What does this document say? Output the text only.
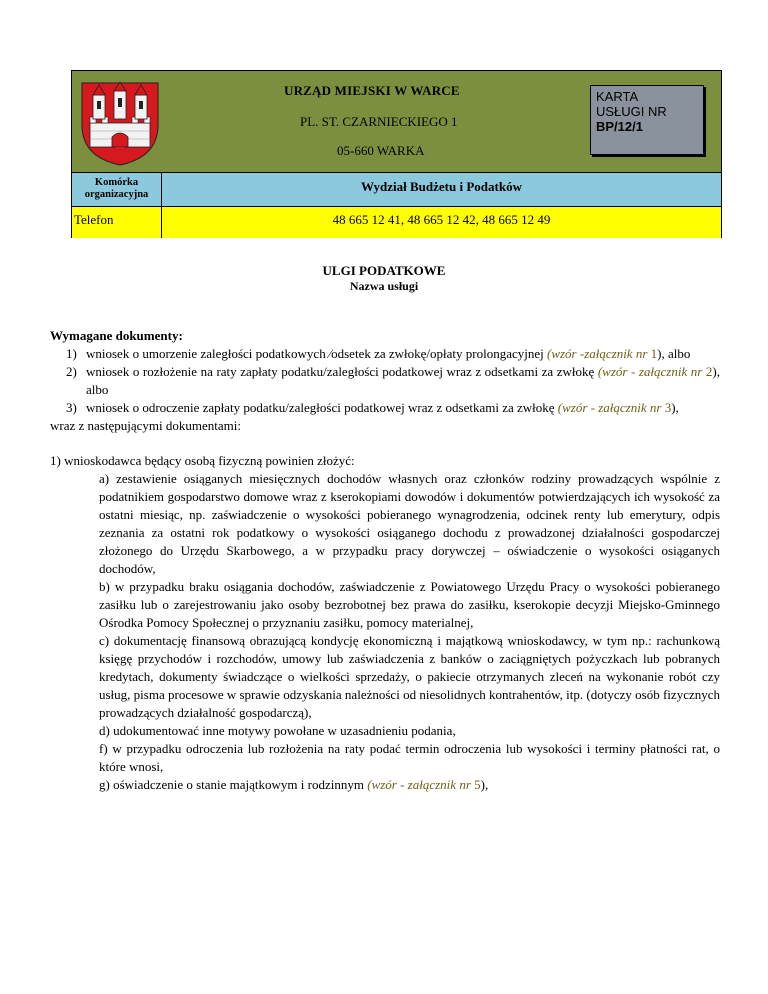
URZĄD MIEJSKI W WARCE
PL. ST. CZARNIECKIEGO 1
05-660 WARKA
KARTA
USŁUGI NR
BP/12/1
Komórka organizacyjna
Wydział Budżetu i Podatków
Telefon	48 665 12 41, 48 665 12 42, 48 665 12 49
ULGI PODATKOWE
Nazwa usługi
Wymagane dokumenty:
1) wniosek o umorzenie zaległości podatkowych ⁄odsetek za zwłokę/opłaty prolongacyjnej (wzór -załącznik nr 1), albo
2) wniosek o rozłożenie na raty zapłaty podatku/zaległości podatkowej wraz z odsetkami za zwłokę (wzór - załącznik nr 2), albo
3) wniosek o odroczenie zapłaty podatku/zaległości podatkowej wraz z odsetkami za zwłokę (wzór - załącznik nr 3),
wraz z następującymi dokumentami:
1) wnioskodawca będący osobą fizyczną powinien złożyć:
a) zestawienie osiąganych miesięcznych dochodów własnych oraz członków rodziny prowadzących wspólnie z podatnikiem gospodarstwo domowe wraz z kserokopiami dowodów i dokumentów potwierdzających ich wysokość za ostatni miesiąc, np. zaświadczenie o wysokości pobieranego wynagrodzenia, odcinek renty lub emerytury, odpis zeznania za ostatni rok podatkowy o wysokości osiąganego dochodu z prowadzonej działalności gospodarczej złożonego do Urzędu Skarbowego, a w przypadku pracy dorywczej – oświadczenie o wysokości osiąganych dochodów,
b) w przypadku braku osiągania dochodów, zaświadczenie z Powiatowego Urzędu Pracy o wysokości pobieranego zasiłku lub o zarejestrowaniu jako osoby bezrobotnej bez prawa do zasiłku, kserokopie decyzji Miejsko-Gminnego Ośrodka Pomocy Społecznej o przyznaniu zasiłku, pomocy materialnej,
c) dokumentację finansową obrazującą kondycję ekonomiczną i majątkową wnioskodawcy, w tym np.: rachunkową księgę przychodów i rozchodów, umowy lub zaświadczenia z banków o zaciągniętych pożyczkach lub pobranych kredytach, dokumenty świadczące o wielkości sprzedaży, o pakiecie otrzymanych zleceń na wykonanie robót czy usług, pisma procesowe w sprawie odzyskania należności od niesolidnych kontrahentów, itp. (dotyczy osób fizycznych prowadzących działalność gospodarczą),
d) udokumentować inne motywy powołane w uzasadnieniu podania,
f) w przypadku odroczenia lub rozłożenia na raty podać termin odroczenia lub wysokości i terminy płatności rat, o które wnosi,
g) oświadczenie o stanie majątkowym i rodzinnym (wzór - załącznik nr 5),
